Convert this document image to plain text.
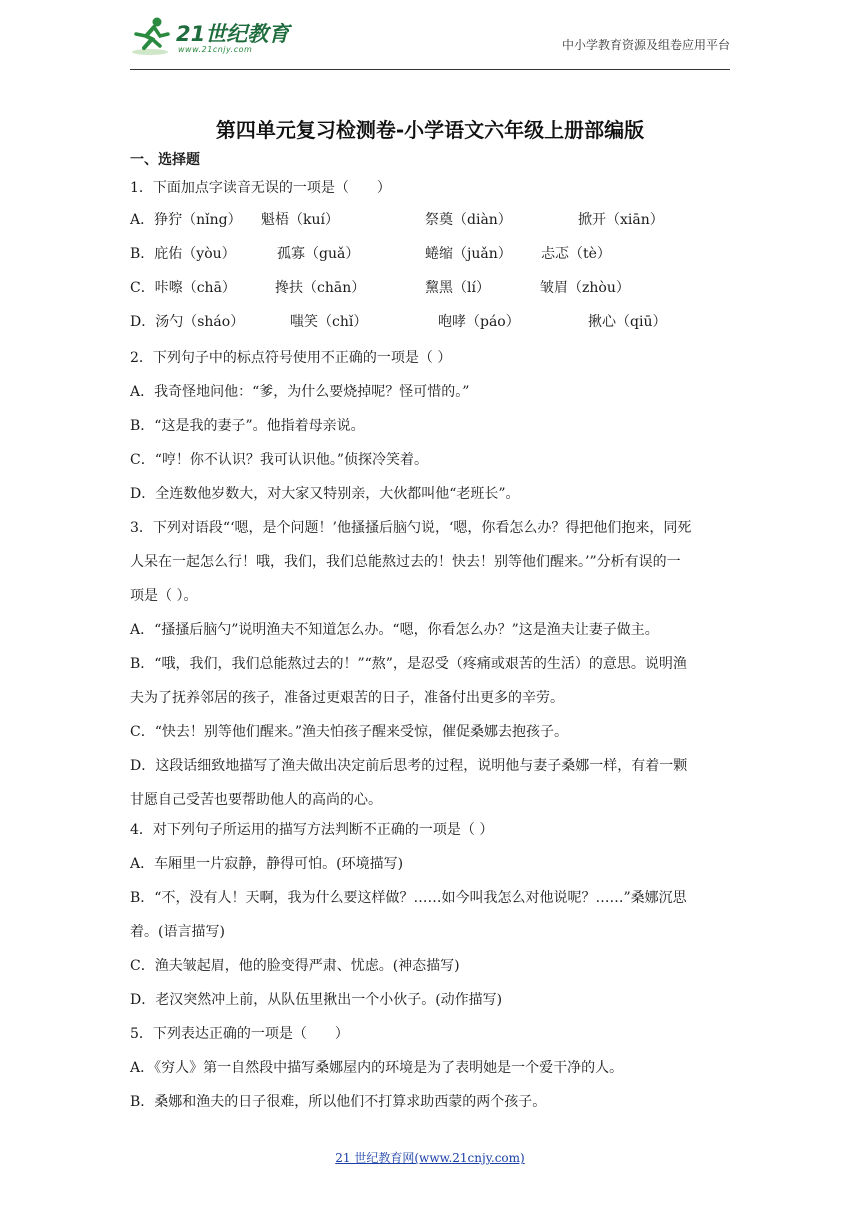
21世纪教育
www.21cnjy.com	中小学教育资源及组卷应用平台
第四单元复习检测卷-小学语文六年级上册部编版
一、选择题
1．下面加点字读音无误的一项是（　　）
A．狰狞（nǐng） 魁梧（kuí）	祭奠（diàn）	掀开（xiān）
B．庇佑（yòu）	孤寡（guǎ）	蜷缩（juǎn） 忐忑（tè）
C．咔嚓（chā）	搀扶（chān）	黧黑（lí）	皱眉（zhòu）
D．汤勺（sháo）	嗤笑（chǐ）	咆哮（páo）	揪心（qiū）
2．下列句子中的标点符号使用不正确的一项是（ ）
A．我奇怪地问他：“爹，为什么要烧掉呢？怪可惜的。”
B．“这是我的妻子”。他指着母亲说。
C．“哼！你不认识？我可认识他。”侦探冷笑着。
D．全连数他岁数大，对大家又特别亲，大伙都叫他“老班长”。
3．下列对语段“‘嗯，是个问题！’他搔搔后脑勺说，‘嗯，你看怎么办？得把他们抱来，同死
人呆在一起怎么行！哦，我们，我们总能熬过去的！快去！别等他们醒来。’”分析有误的一
项是（ ）。
A．“搔搔后脑勺”说明渔夫不知道怎么办。“嗯，你看怎么办？”这是渔夫让妻子做主。
B．“哦，我们，我们总能熬过去的！”“熬”，是忍受（疼痛或艰苦的生活）的意思。说明渔
夫为了抚养邻居的孩子，准备过更艰苦的日子，准备付出更多的辛劳。
C．“快去！别等他们醒来。”渔夫怕孩子醒来受惊，催促桑娜去抱孩子。
D．这段话细致地描写了渔夫做出决定前后思考的过程，说明他与妻子桑娜一样，有着一颗
甘愿自己受苦也要帮助他人的高尚的心。
4．对下列句子所运用的描写方法判断不正确的一项是（ ）
A．车厢里一片寂静，静得可怕。(环境描写)
B．“不，没有人！天啊，我为什么要这样做？……如今叫我怎么对他说呢？……”桑娜沉思
着。(语言描写)
C．渔夫皱起眉，他的脸变得严肃、忧虑。(神态描写)
D．老汉突然冲上前，从队伍里揪出一个小伙子。(动作描写)
5．下列表达正确的一项是（　　）
A．《穷人》第一自然段中描写桑娜屋内的环境是为了表明她是一个爱干净的人。
B．桑娜和渔夫的日子很难，所以他们不打算求助西蒙的两个孩子。
21 世纪教育网(www.21cnjy.com)
